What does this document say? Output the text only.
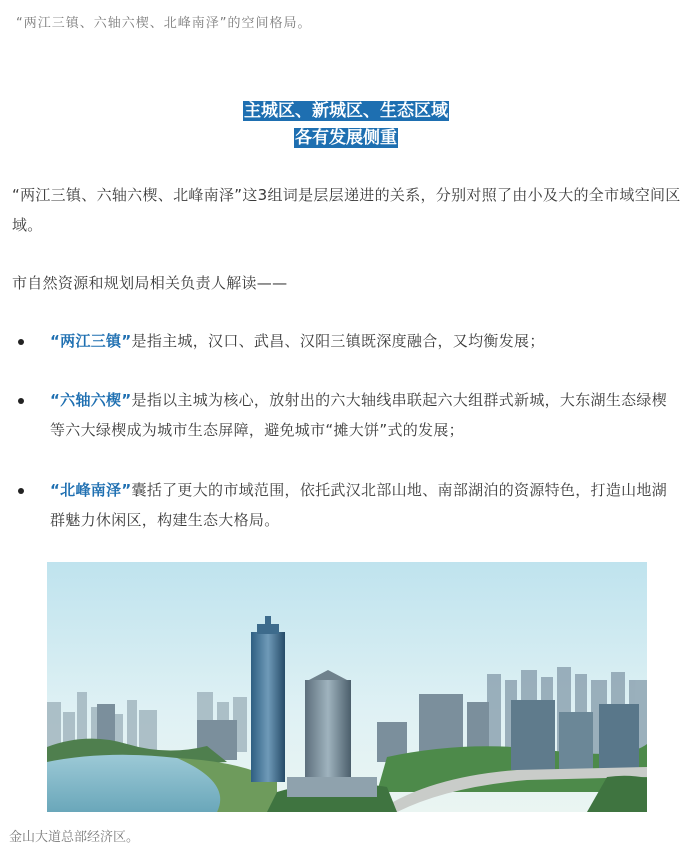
“两江三镇、六轴六楔、北峰南泽”的空间格局。
主城区、新城区、生态区域
各有发展侧重
“两江三镇、六轴六楔、北峰南泽”这3组词是层层递进的关系，分别对照了由小及大的全市域空间区域。
市自然资源和规划局相关负责人解读——
“两江三镇”是指主城，汉口、武昌、汉阳三镇既深度融合，又均衡发展；
“六轴六楔”是指以主城为核心，放射出的六大轴线串联起六大组群式新城，大东湖生态绿楔等六大绿楔成为城市生态屏障，避免城市“摊大饼”式的发展；
“北峰南泽”囊括了更大的市域范围，依托武汉北部山地、南部湖泊的资源特色，打造山地湖群魅力休闲区，构建生态大格局。
金山大道总部经济区。
